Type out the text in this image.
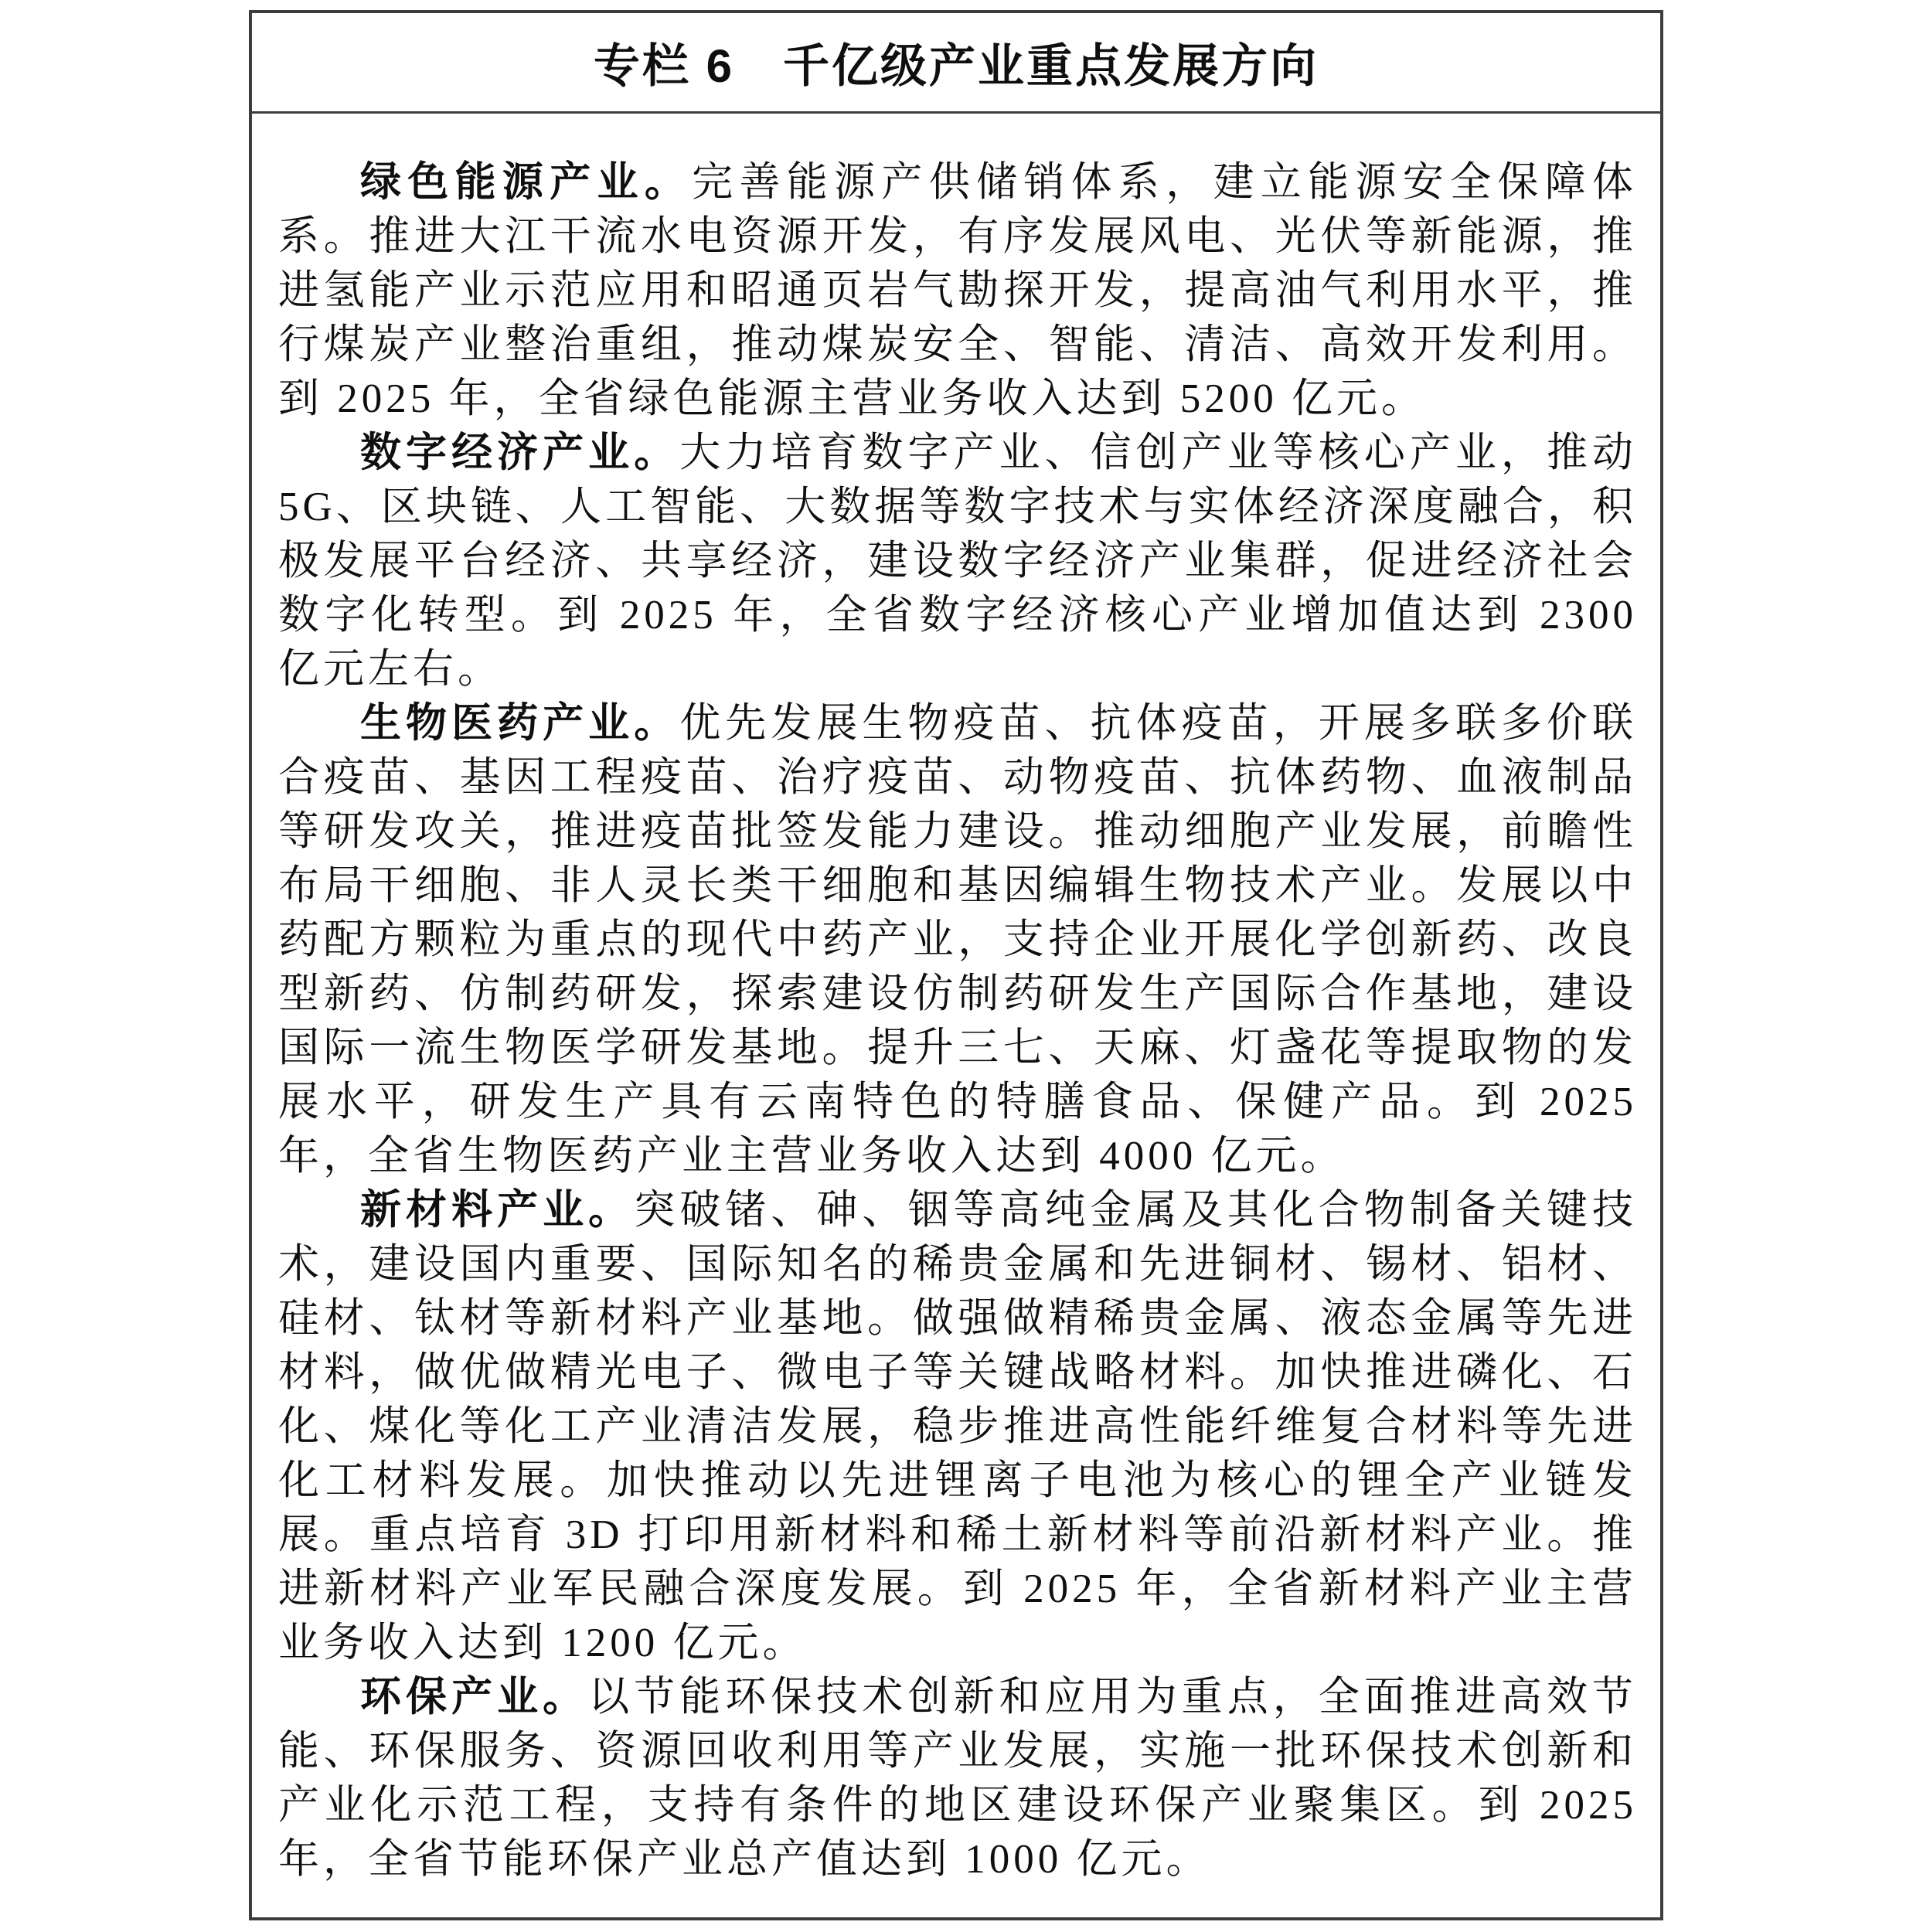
专栏 6　千亿级产业重点发展方向

绿色能源产业。完善能源产供储销体系，建立能源安全保障体系。推进大江干流水电资源开发，有序发展风电、光伏等新能源，推进氢能产业示范应用和昭通页岩气勘探开发，提高油气利用水平，推行煤炭产业整治重组，推动煤炭安全、智能、清洁、高效开发利用。到 2025 年，全省绿色能源主营业务收入达到 5200 亿元。

数字经济产业。大力培育数字产业、信创产业等核心产业，推动 5G、区块链、人工智能、大数据等数字技术与实体经济深度融合，积极发展平台经济、共享经济，建设数字经济产业集群，促进经济社会数字化转型。到 2025 年，全省数字经济核心产业增加值达到 2300 亿元左右。

生物医药产业。优先发展生物疫苗、抗体疫苗，开展多联多价联合疫苗、基因工程疫苗、治疗疫苗、动物疫苗、抗体药物、血液制品等研发攻关，推进疫苗批签发能力建设。推动细胞产业发展，前瞻性布局干细胞、非人灵长类干细胞和基因编辑生物技术产业。发展以中药配方颗粒为重点的现代中药产业，支持企业开展化学创新药、改良型新药、仿制药研发，探索建设仿制药研发生产国际合作基地，建设国际一流生物医学研发基地。提升三七、天麻、灯盏花等提取物的发展水平，研发生产具有云南特色的特膳食品、保健产品。到 2025 年，全省生物医药产业主营业务收入达到 4000 亿元。

新材料产业。突破锗、砷、铟等高纯金属及其化合物制备关键技术，建设国内重要、国际知名的稀贵金属和先进铜材、锡材、铝材、硅材、钛材等新材料产业基地。做强做精稀贵金属、液态金属等先进材料，做优做精光电子、微电子等关键战略材料。加快推进磷化、石化、煤化等化工产业清洁发展，稳步推进高性能纤维复合材料等先进化工材料发展。加快推动以先进锂离子电池为核心的锂全产业链发展。重点培育 3D 打印用新材料和稀土新材料等前沿新材料产业。推进新材料产业军民融合深度发展。到 2025 年，全省新材料产业主营业务收入达到 1200 亿元。

环保产业。以节能环保技术创新和应用为重点，全面推进高效节能、环保服务、资源回收利用等产业发展，实施一批环保技术创新和产业化示范工程，支持有条件的地区建设环保产业聚集区。到 2025 年，全省节能环保产业总产值达到 1000 亿元。
